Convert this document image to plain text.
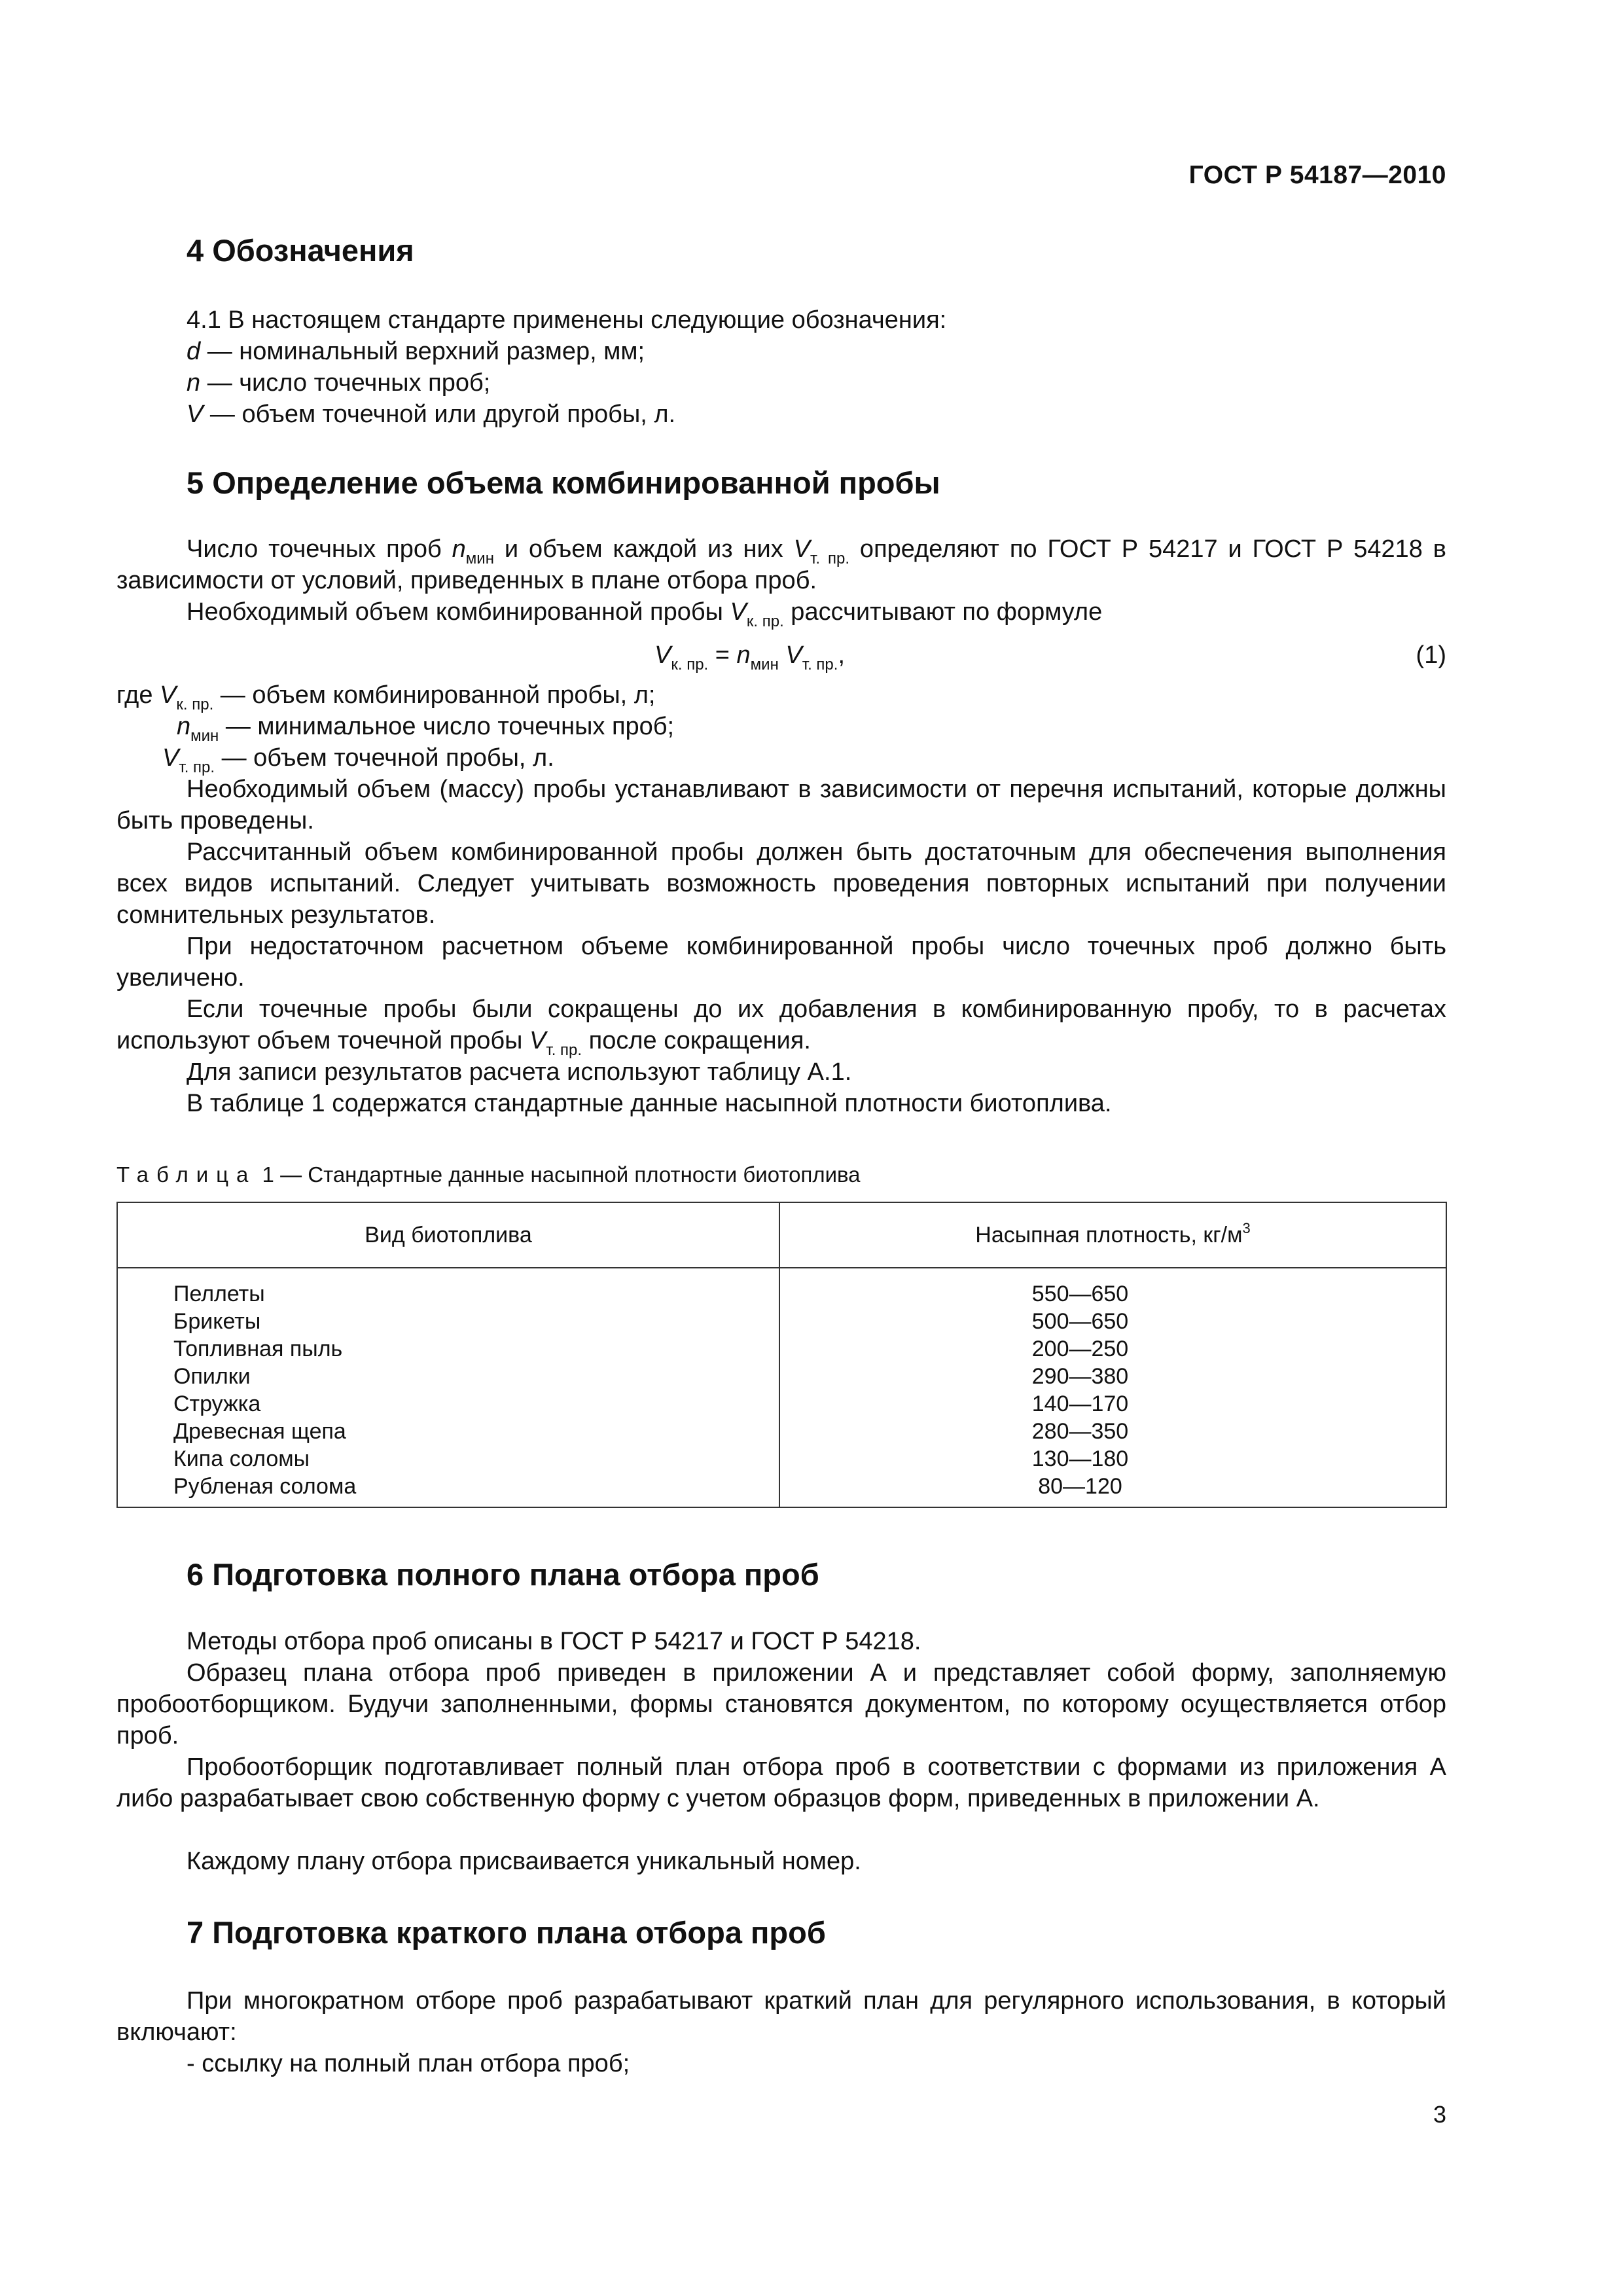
ГОСТ Р 54187—2010
4 Обозначения
4.1 В настоящем стандарте применены следующие обозначения:
d — номинальный верхний размер, мм;
n — число точечных проб;
V — объем точечной или другой пробы, л.
5 Определение объема комбинированной пробы
Число точечных проб $n_{мин}$ и объем каждой из них $V_{т. пр.}$ определяют по ГОСТ Р 54217 и ГОСТ Р 54218 в зависимости от условий, приведенных в плане отбора проб.
Необходимый объем комбинированной пробы $V_{к. пр.}$ рассчитывают по формуле
$V_{к. пр.} = n_{мин}$ $V_{т. пр.}$,	(1)
где $V_{к. пр.}$ — объем комбинированной пробы, л;
$n_{мин}$ — минимальное число точечных проб;
$V_{т. пр.}$ — объем точечной пробы, л.
Необходимый объем (массу) пробы устанавливают в зависимости от перечня испытаний, которые должны быть проведены.
Рассчитанный объем комбинированной пробы должен быть достаточным для обеспечения выполнения всех видов испытаний. Следует учитывать возможность проведения повторных испытаний при получении сомнительных результатов.
При недостаточном расчетном объеме комбинированной пробы число точечных проб должно быть увеличено.
Если точечные пробы были сокращены до их добавления в комбинированную пробу, то в расчетах используют объем точечной пробы $V_{т. пр.}$ после сокращения.
Для записи результатов расчета используют таблицу А.1.
В таблице 1 содержатся стандартные данные насыпной плотности биотоплива.
Таблица 1 — Стандартные данные насыпной плотности биотоплива
Вид биотоплива	Насыпная плотность, $кг/м^3$
Пеллеты	550—650
Брикеты	500—650
Топливная пыль	200—250
Опилки	290—380
Стружка	140—170
Древесная щепа	280—350
Кипа соломы	130—180
Рубленая солома	80—120
6 Подготовка полного плана отбора проб
Методы отбора проб описаны в ГОСТ Р 54217 и ГОСТ Р 54218.
Образец плана отбора проб приведен в приложении А и представляет собой форму, заполняемую пробоотборщиком. Будучи заполненными, формы становятся документом, по которому осуществляется отбор проб.
Пробоотборщик подготавливает полный план отбора проб в соответствии с формами из приложения А либо разрабатывает свою собственную форму с учетом образцов форм, приведенных в приложении А.
Каждому плану отбора присваивается уникальный номер.
7 Подготовка краткого плана отбора проб
При многократном отборе проб разрабатывают краткий план для регулярного использования, в который включают:
- ссылку на полный план отбора проб;
3
